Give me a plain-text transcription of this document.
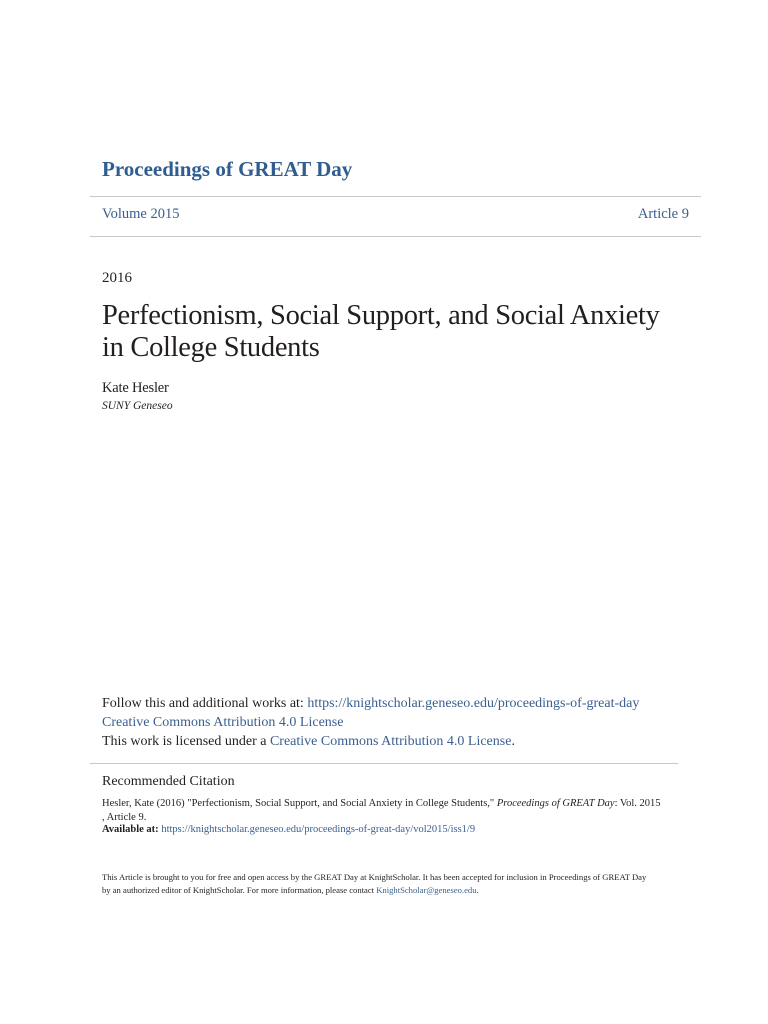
Proceedings of GREAT Day
Volume 2015	Article 9
2016
Perfectionism, Social Support, and Social Anxiety in College Students
Kate Hesler
SUNY Geneseo
Follow this and additional works at: https://knightscholar.geneseo.edu/proceedings-of-great-day
Creative Commons Attribution 4.0 License
This work is licensed under a Creative Commons Attribution 4.0 License.
Recommended Citation
Hesler, Kate (2016) "Perfectionism, Social Support, and Social Anxiety in College Students," Proceedings of GREAT Day: Vol. 2015 , Article 9.
Available at: https://knightscholar.geneseo.edu/proceedings-of-great-day/vol2015/iss1/9
This Article is brought to you for free and open access by the GREAT Day at KnightScholar. It has been accepted for inclusion in Proceedings of GREAT Day by an authorized editor of KnightScholar. For more information, please contact KnightScholar@geneseo.edu.
